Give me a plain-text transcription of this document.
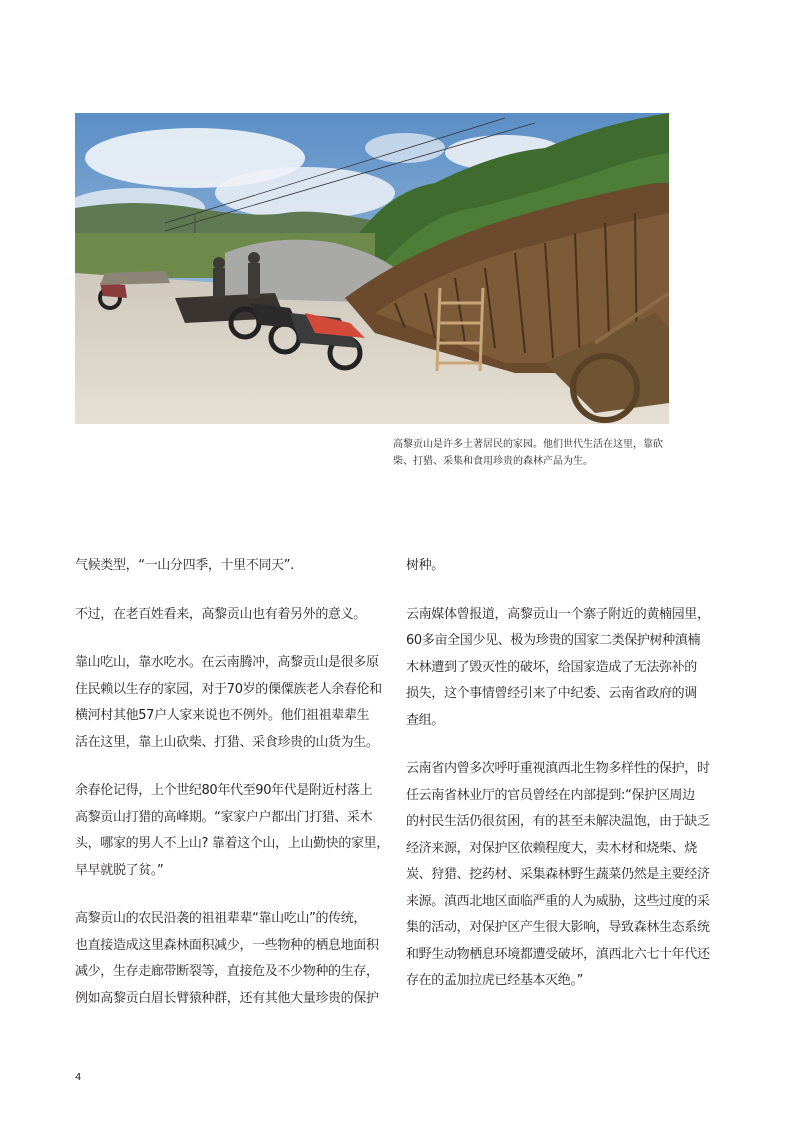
高黎贡山是许多土著居民的家园。他们世代生活在这里，靠砍
柴、打猎、采集和食用珍贵的森林产品为生。

气候类型，“一山分四季，十里不同天”.

不过，在老百姓看来，高黎贡山也有着另外的意义。

靠山吃山，靠水吃水。在云南腾冲，高黎贡山是很多原
住民赖以生存的家园，对于70岁的傈僳族老人余春伦和
横河村其他57户人家来说也不例外。他们祖祖辈辈生
活在这里，靠上山砍柴、打猎、采食珍贵的山货为生。

余春伦记得，上个世纪80年代至90年代是附近村落上
高黎贡山打猎的高峰期。“家家户户都出门打猎、采木
头，哪家的男人不上山? 靠着这个山，上山勤快的家里，
早早就脱了贫。”

高黎贡山的农民沿袭的祖祖辈辈“靠山吃山”的传统，
也直接造成这里森林面积减少，一些物种的栖息地面积
减少，生存走廊带断裂等，直接危及不少物种的生存，
例如高黎贡白眉长臂猿种群，还有其他大量珍贵的保护

树种。

云南媒体曾报道，高黎贡山一个寨子附近的黄楠园里，
60多亩全国少见、极为珍贵的国家二类保护树种滇楠
木林遭到了毁灭性的破坏，给国家造成了无法弥补的
损失，这个事情曾经引来了中纪委、云南省政府的调
查组。

云南省内曾多次呼吁重视滇西北生物多样性的保护，时
任云南省林业厅的官员曾经在内部提到:“保护区周边
的村民生活仍很贫困，有的甚至未解决温饱，由于缺乏
经济来源，对保护区依赖程度大，卖木材和烧柴、烧
炭、狩猎、挖药材、采集森林野生蔬菜仍然是主要经济
来源。滇西北地区面临严重的人为威胁，这些过度的采
集的活动，对保护区产生很大影响，导致森林生态系统
和野生动物栖息环境都遭受破坏，滇西北六七十年代还
存在的孟加拉虎已经基本灭绝。”

4
